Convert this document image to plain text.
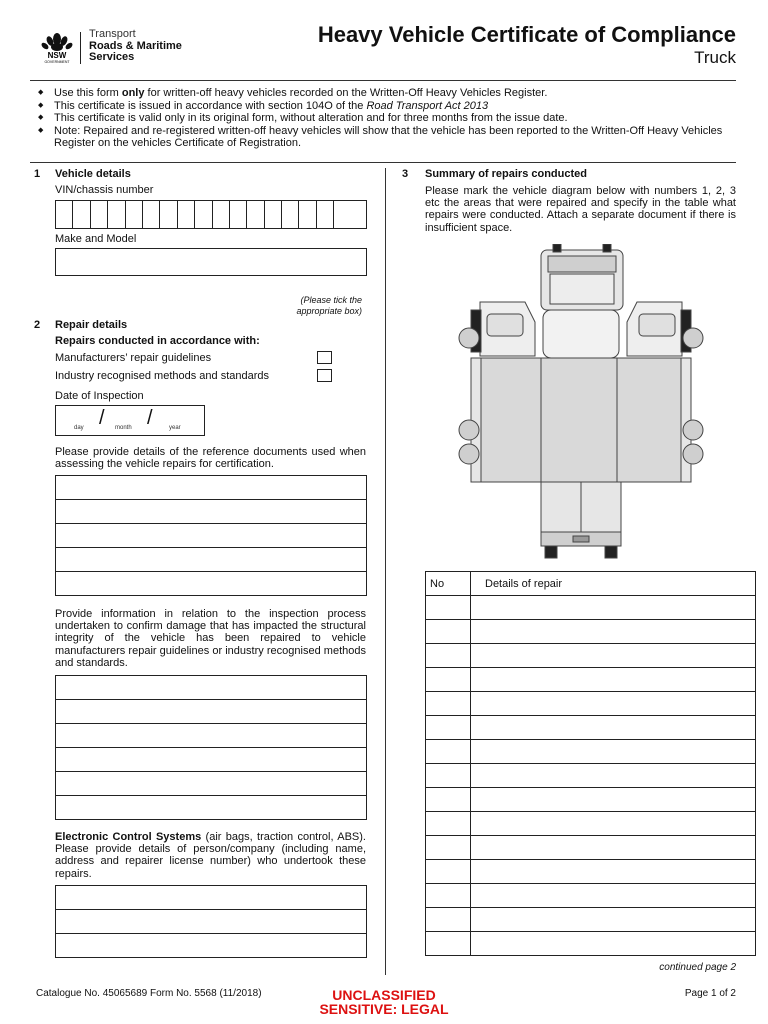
NSW
GOVERNMENT
Transport
Roads & Maritime
Services
Heavy Vehicle Certificate of Compliance
Truck
◆ Use this form only for written-off heavy vehicles recorded on the Written-Off Heavy Vehicles Register.
◆ This certificate is issued in accordance with section 104O of the Road Transport Act 2013
◆ This certificate is valid only in its original form, without alteration and for three months from the issue date.
◆ Note: Repaired and re-registered written-off heavy vehicles will show that the vehicle has been reported to the Written-Off Heavy Vehicles Register on the vehicles Certificate of Registration.
1 Vehicle details
VIN/chassis number
Make and Model
(Please tick the
appropriate box)
2 Repair details
Repairs conducted in accordance with:
Manufacturers’ repair guidelines
Industry recognised methods and standards
Date of Inspection
/ /
day	month	year
Please provide details of the reference documents used when assessing the vehicle repairs for certification.
Provide information in relation to the inspection process undertaken to confirm damage that has impacted the structural integrity of the vehicle has been repaired to vehicle manufacturers repair guidelines or industry recognised methods and standards.
Electronic Control Systems (air bags, traction control, ABS). Please provide details of person/company (including name, address and repairer license number) who undertook these repairs.
3 Summary of repairs conducted
Please mark the vehicle diagram below with numbers 1, 2, 3 etc the areas that were repaired and specify in the table what repairs were conducted. Attach a separate document if there is insufficient space.
No	Details of repair

continued page 2
Catalogue No. 45065689 Form No. 5568 (11/2018)	UNCLASSIFIED
SENSITIVE: LEGAL
Page 1 of 2
